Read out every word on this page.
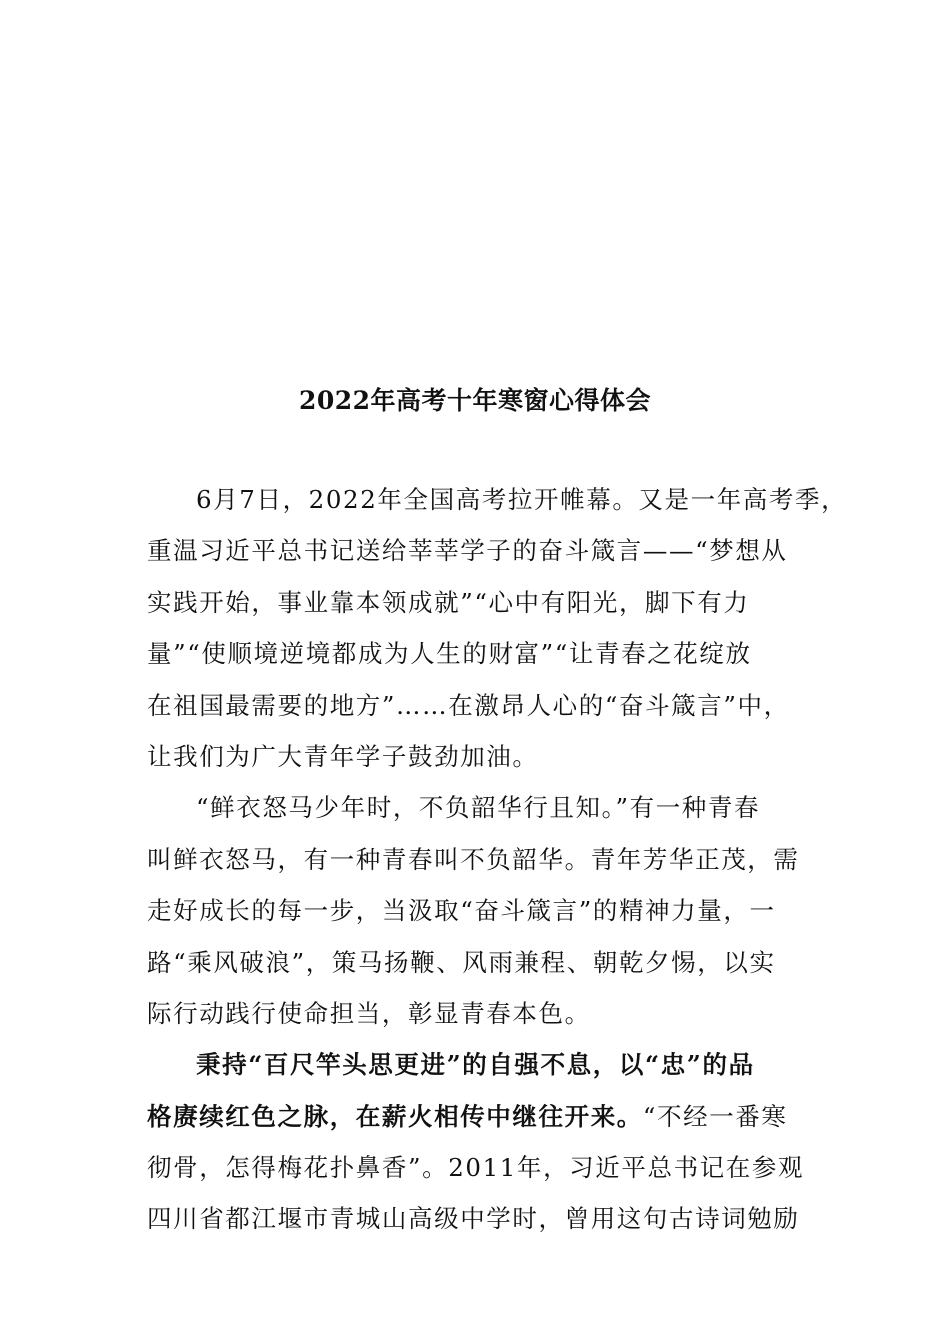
2022年高考十年寒窗心得体会
6月7日，2022年全国高考拉开帷幕。又是一年高考季，
重温习近平总书记送给莘莘学子的奋斗箴言——“梦想从
实践开始，事业靠本领成就”“心中有阳光，脚下有力
量”“使顺境逆境都成为人生的财富”“让青春之花绽放
在祖国最需要的地方”……在激昂人心的“奋斗箴言”中，
让我们为广大青年学子鼓劲加油。
“鲜衣怒马少年时，不负韶华行且知。”有一种青春
叫鲜衣怒马，有一种青春叫不负韶华。青年芳华正茂，需
走好成长的每一步，当汲取“奋斗箴言”的精神力量，一
路“乘风破浪”，策马扬鞭、风雨兼程、朝乾夕惕，以实
际行动践行使命担当，彰显青春本色。
秉持“百尺竿头思更进”的自强不息，以“忠”的品
格赓续红色之脉，在薪火相传中继往开来。“不经一番寒
彻骨，怎得梅花扑鼻香”。2011年，习近平总书记在参观
四川省都江堰市青城山高级中学时，曾用这句古诗词勉励
